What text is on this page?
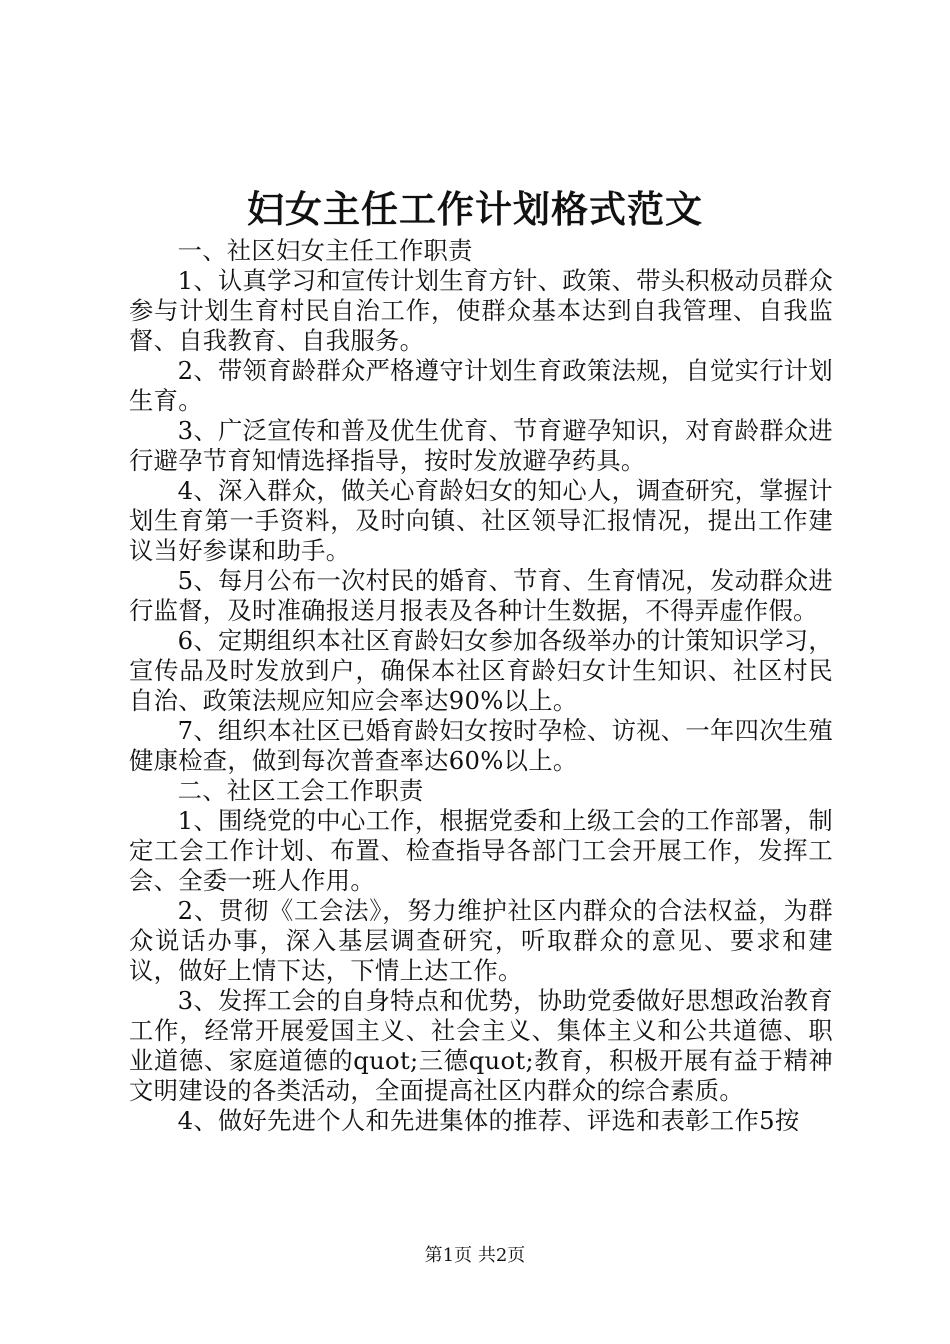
妇女主任工作计划格式范文

一、社区妇女主任工作职责

1、认真学习和宣传计划生育方针、政策、带头积极动员群众参与计划生育村民自治工作，使群众基本达到自我管理、自我监督、自我教育、自我服务。

2、带领育龄群众严格遵守计划生育政策法规，自觉实行计划生育。

3、广泛宣传和普及优生优育、节育避孕知识，对育龄群众进行避孕节育知情选择指导，按时发放避孕药具。

4、深入群众，做关心育龄妇女的知心人，调查研究，掌握计划生育第一手资料，及时向镇、社区领导汇报情况，提出工作建议当好参谋和助手。

5、每月公布一次村民的婚育、节育、生育情况，发动群众进行监督，及时准确报送月报表及各种计生数据，不得弄虚作假。

6、定期组织本社区育龄妇女参加各级举办的计策知识学习，宣传品及时发放到户，确保本社区育龄妇女计生知识、社区村民自治、政策法规应知应会率达90%以上。

7、组织本社区已婚育龄妇女按时孕检、访视、一年四次生殖健康检查，做到每次普查率达60%以上。

二、社区工会工作职责

1、围绕党的中心工作，根据党委和上级工会的工作部署，制定工会工作计划、布置、检查指导各部门工会开展工作，发挥工会、全委一班人作用。

2、贯彻《工会法》，努力维护社区内群众的合法权益，为群众说话办事，深入基层调查研究，听取群众的意见、要求和建议，做好上情下达，下情上达工作。

3、发挥工会的自身特点和优势，协助党委做好思想政治教育工作，经常开展爱国主义、社会主义、集体主义和公共道德、职业道德、家庭道德的quot;三德quot;教育，积极开展有益于精神文明建设的各类活动，全面提高社区内群众的综合素质。

4、做好先进个人和先进集体的推荐、评选和表彰工作5按

第1页 共2页
